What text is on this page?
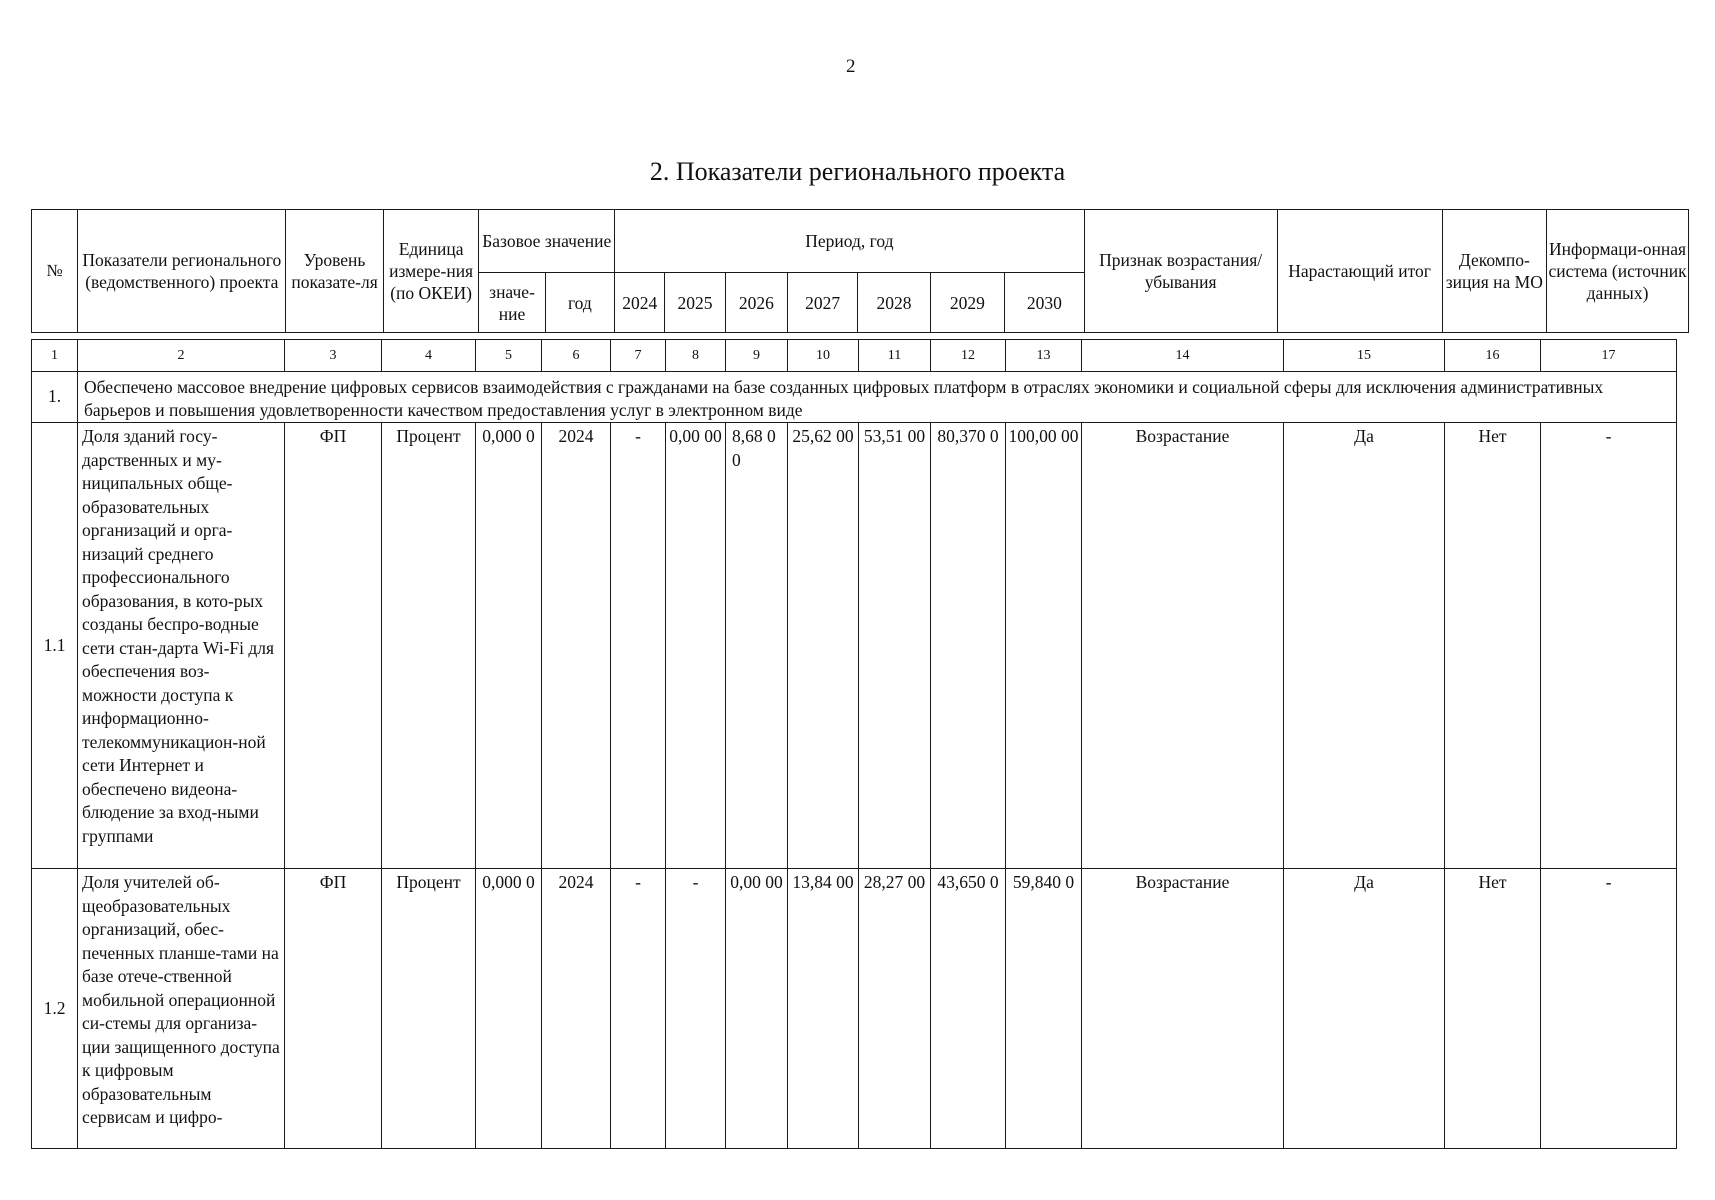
2
2. Показатели регионального проекта
№	Показатели регионального (ведомственного) проекта	Уровень показате-ля	Единица измере-ния (по ОКЕИ)	Базовое значение		Период, год							Признак возрастания/ убывания	Нарастающий итог	Декомпо-зиция на МО	Информаци-онная система (источник данных)
				значе-ние	год	2024	2025	2026	2027	2028	2029	2030				
1	2	3	4	5	6	7	8	9	10	11	12	13	14	15	16	17
1.	Обеспечено массовое внедрение цифровых сервисов взаимодействия с гражданами на базе созданных цифровых платформ в отраслях экономики и социальной сферы для исключения административных барьеров и повышения удовлетворенности качеством предоставления услуг в электронном виде															
1.1	Доля зданий госу-дарственных и му-ниципальных обще-образовательных организаций и орга-низаций среднего профессионального образования, в кото-рых созданы беспро-водные сети стан-дарта Wi-Fi для обеспечения воз-можности доступа к информационно-телекоммуникацион-ной сети Интернет и обеспечено видеона-блюдение за вход-ными группами	ФП	Процент	0,000 0	2024	-	0,00 00	8,68 00	25,62 00	53,51 00	80,370 0	100,00 00	Возрастание	Да	Нет	-
1.2	Доля учителей об-щеобразовательных организаций, обес-печенных планше-тами на базе отече-ственной мобильной операционной си-стемы для организа-ции защищенного доступа к цифровым образовательным сервисам и цифро-	ФП	Процент	0,000 0	2024	-	-	0,00 00	13,84 00	28,27 00	43,650 0	59,840 0	Возрастание	Да	Нет	-
